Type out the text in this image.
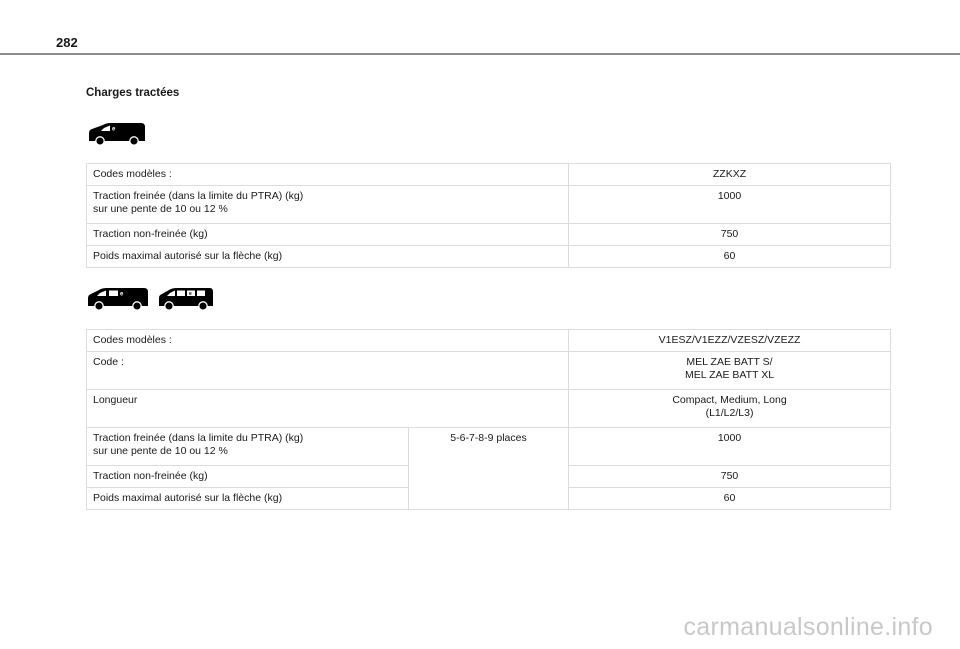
282
Charges tractées
e
Codes modèles :	ZZKXZ

Traction freinée (dans la limite du PTRA) (kg)
sur une pente de 10 ou 12 %	1000
Traction non-freinée (kg)	750
Poids maximal autorisé sur la flèche (kg)	60
e	e
Codes modèles :		V1ESZ/V1EZZ/VZESZ/VZEZZ
Code :		MEL ZAE BATT S/
MEL ZAE BATT XL

Longueur		Compact, Medium, Long
(L1/L2/L3)

Traction freinée (dans la limite du PTRA) (kg)
sur une pente de 10 ou 12 %	5-6-7-8-9 places	1000
Traction non-freinée (kg)		750
Poids maximal autorisé sur la flèche (kg)		60
carmanualsonline.info
